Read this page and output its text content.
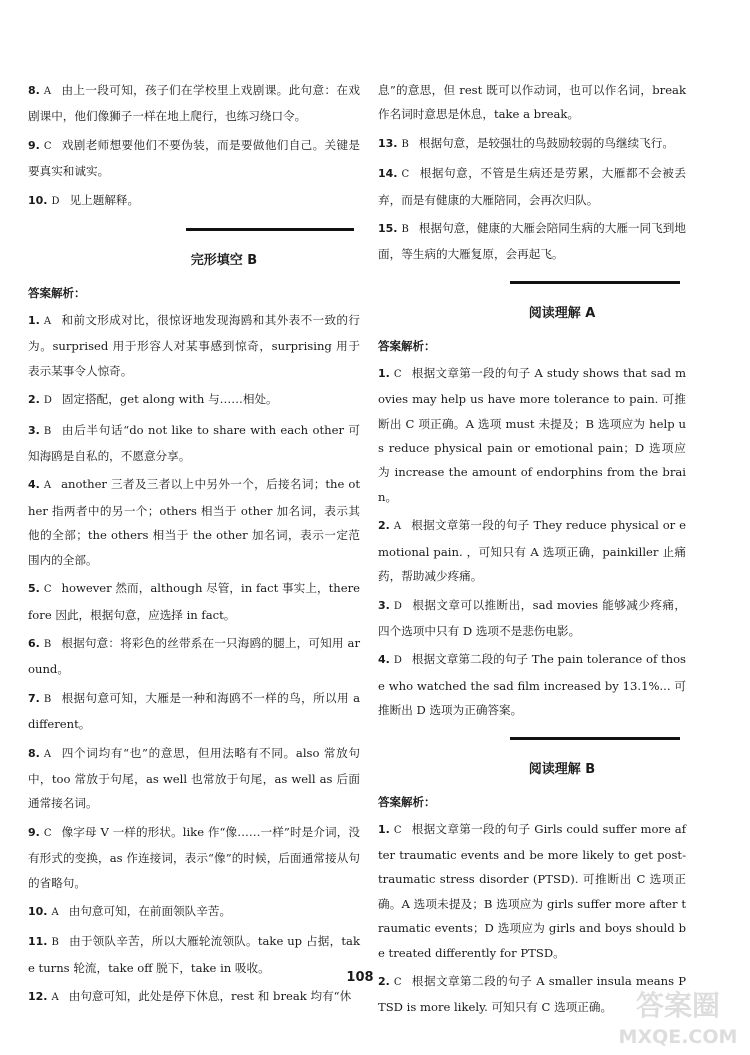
8. A 由上一段可知，孩子们在学校里上戏剧课。此句意：在戏剧课中，他们像狮子一样在地上爬行，也练习绕口令。

9. C 戏剧老师想要他们不要伪装，而是要做他们自己。关键是要真实和诚实。

10. D 见上题解释。

完形填空 B
答案解析：

1. A 和前文形成对比，很惊讶地发现海鸥和其外表不一致的行为。surprised 用于形容人对某事感到惊奇，surprising 用于表示某事令人惊奇。

2. D 固定搭配，get along with 与……相处。

3. B 由后半句话“do not like to share with each other 可知海鸥是自私的，不愿意分享。

4. A another 三者及三者以上中另外一个，后接名词；the other 指两者中的另一个；others 相当于 other 加名词，表示其他的全部；the others 相当于 the other 加名词，表示一定范围内的全部。

5. C however 然而，although 尽管，in fact 事实上，therefore 因此，根据句意，应选择 in fact。

6. B 根据句意：将彩色的丝带系在一只海鸥的腿上，可知用 around。

7. B 根据句意可知，大雁是一种和海鸥不一样的鸟，所以用 a different。

8. A 四个词均有“也”的意思，但用法略有不同。also 常放句中，too 常放于句尾，as well 也常放于句尾，as well as 后面通常接名词。

9. C 像字母 V 一样的形状。like 作“像……一样”时是介词，没有形式的变换，as 作连接词，表示“像”的时候，后面通常接从句的省略句。

10. A 由句意可知，在前面领队辛苦。

11. B 由于领队辛苦，所以大雁轮流领队。take up 占据，take turns 轮流，take off 脱下，take in 吸收。

12. A 由句意可知，此处是停下休息，rest 和 break 均有“休

息”的意思，但 rest 既可以作动词，也可以作名词，break 作名词时意思是休息，take a break。

13. B 根据句意，是较强壮的鸟鼓励较弱的鸟继续飞行。

14. C 根据句意，不管是生病还是劳累，大雁都不会被丢弃，而是有健康的大雁陪同，会再次归队。

15. B 根据句意，健康的大雁会陪同生病的大雁一同飞到地面，等生病的大雁复原，会再起飞。

阅读理解 A
答案解析：

1. C 根据文章第一段的句子 A study shows that sad movies may help us have more tolerance to pain. 可推断出 C 项正确。A 选项 must 未提及；B 选项应为 help us reduce physical pain or emotional pain；D 选项应为 increase the amount of endorphins from the brain。

2. A 根据文章第一段的句子 They reduce physical or emotional pain. ，可知只有 A 选项正确，painkiller 止痛药，帮助减少疼痛。

3. D 根据文章可以推断出，sad movies 能够减少疼痛，四个选项中只有 D 选项不是悲伤电影。

4. D 根据文章第二段的句子 The pain tolerance of those who watched the sad film increased by 13.1%... 可推断出 D 选项为正确答案。

阅读理解 B
答案解析：

1. C 根据文章第一段的句子 Girls could suffer more after traumatic events and be more likely to get post-traumatic stress disorder (PTSD). 可推断出 C 选项正确。A 选项未提及；B 选项应为 girls suffer more after traumatic events；D 选项应为 girls and boys should be treated differently for PTSD。

2. C 根据文章第二段的句子 A smaller insula means PTSD is more likely. 可知只有 C 选项正确。

108
答案圈
MXQE.COM
